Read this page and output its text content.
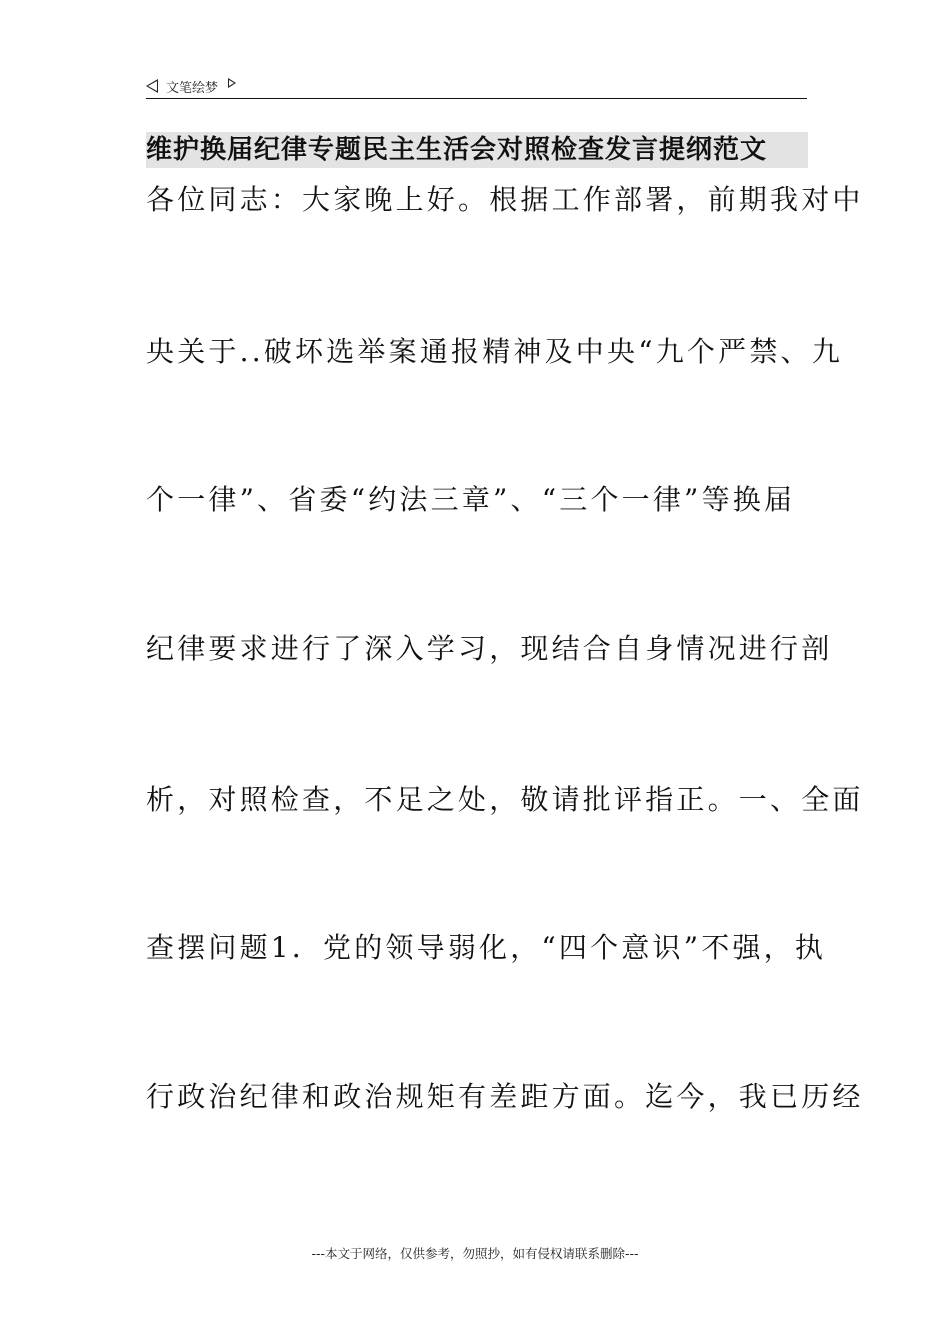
文笔绘梦
维护换届纪律专题民主生活会对照检查发言提纲范文
各位同志：大家晚上好。根据工作部署，前期我对中
央关于..破坏选举案通报精神及中央“九个严禁、九
个一律”、省委“约法三章”、“三个一律”等换届
纪律要求进行了深入学习，现结合自身情况进行剖
析，对照检查，不足之处，敬请批评指正。一、全面
查摆问题1．党的领导弱化，“四个意识”不强，执
行政治纪律和政治规矩有差距方面。迄今，我已历经
---本文于网络，仅供参考，勿照抄，如有侵权请联系删除---
